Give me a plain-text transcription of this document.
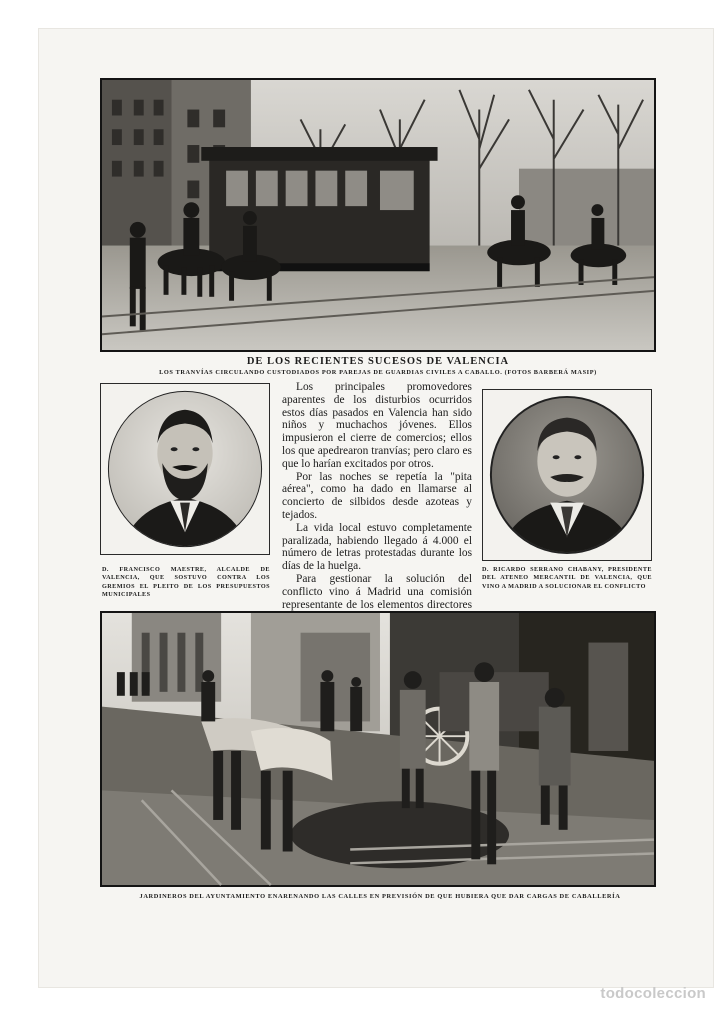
DE LOS RECIENTES SUCESOS DE VALENCIA
LOS TRANVÍAS CIRCULANDO CUSTODIADOS POR PAREJAS DE GUARDIAS CIVILES A CABALLO. (FOTOS BARBERÁ MASIP)

Los principales promovedores aparentes de los disturbios ocurridos estos días pasados en Valencia han sido niños y muchachos jóvenes. Ellos impusieron el cierre de comercios; ellos los que apedrearon tranvías; pero claro es que lo harían excitados por otros.

Por las noches se repetía la "pita aérea", como ha dado en llamarse al concierto de silbidos desde azoteas y tejados.

La vida local estuvo completamente paralizada, habiendo llegado á 4.000 el número de letras protestadas durante los días de la huelga.

Para gestionar la solución del conflicto vino á Madrid una comisión representante de los elementos directores

D. FRANCISCO MAESTRE, ALCALDE DE VALENCIA, QUE SOSTUVO CONTRA LOS GREMIOS EL PLEITO DE LOS PRESUPUESTOS MUNICIPALES
D. RICARDO SERRANO CHABANY, PRESIDENTE DEL ATENEO MERCANTIL DE VALENCIA, QUE VINO A MADRID A SOLUCIONAR EL CONFLICTO
JARDINEROS DEL AYUNTAMIENTO ENARENANDO LAS CALLES EN PREVISIÓN DE QUE HUBIERA QUE DAR CARGAS DE CABALLERÍA
todocoleccion
